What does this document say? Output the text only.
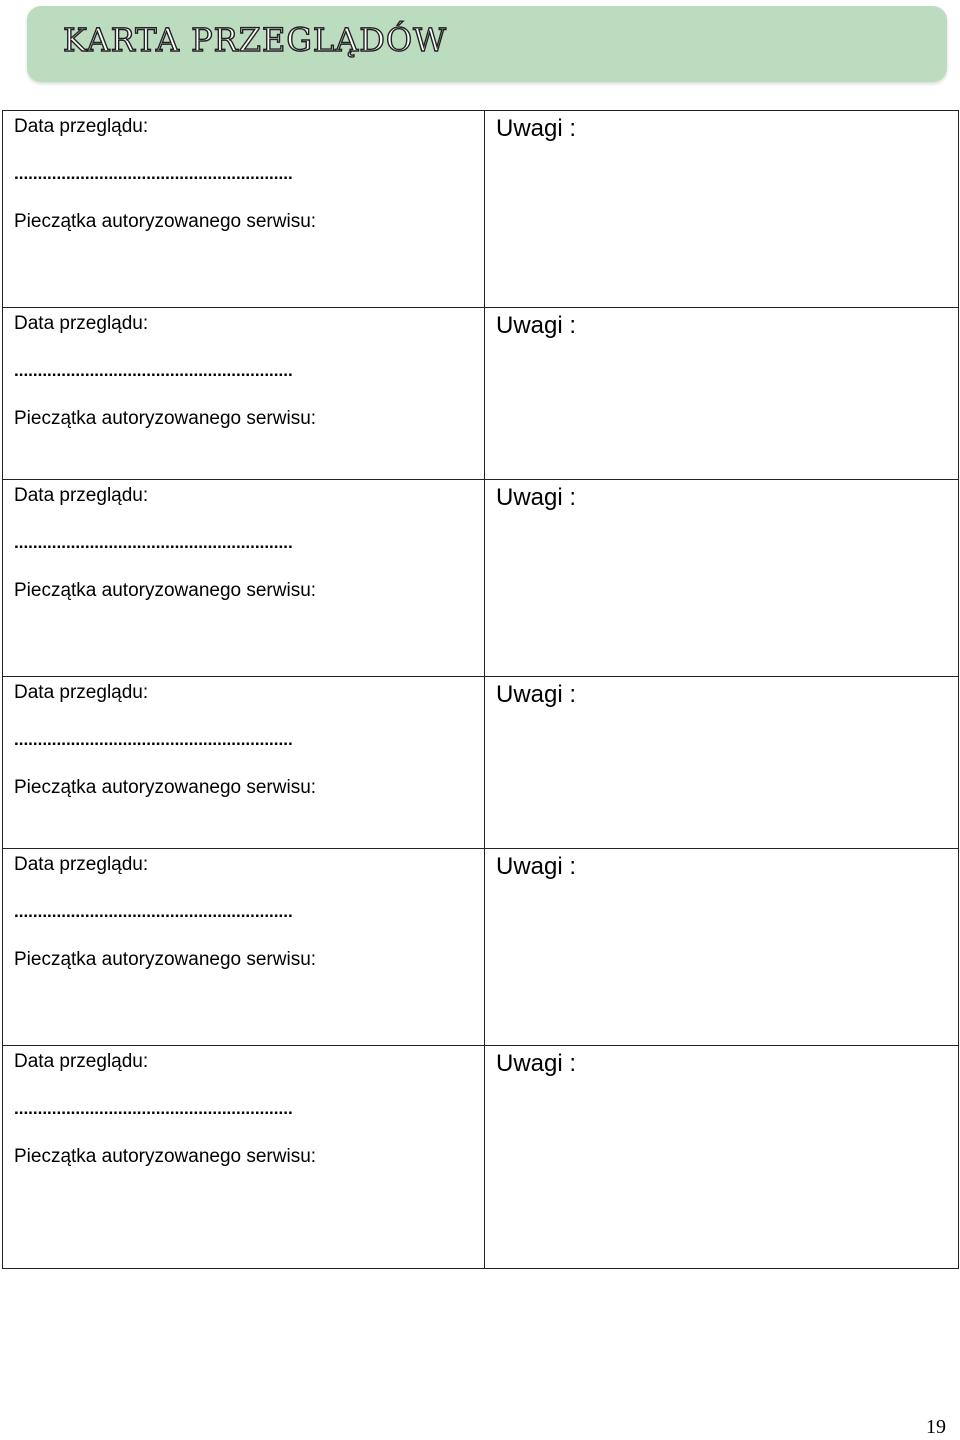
KARTA PRZEGLĄDÓW
Data przeglądu:
...........................................................
Pieczątka autoryzowanego serwisu:	Uwagi :

Data przeglądu:
...........................................................
Pieczątka autoryzowanego serwisu:	Uwagi :

Data przeglądu:
...........................................................
Pieczątka autoryzowanego serwisu:	Uwagi :

Data przeglądu:
...........................................................
Pieczątka autoryzowanego serwisu:	Uwagi :

Data przeglądu:
...........................................................
Pieczątka autoryzowanego serwisu:	Uwagi :

Data przeglądu:
...........................................................
Pieczątka autoryzowanego serwisu:	Uwagi :
19
